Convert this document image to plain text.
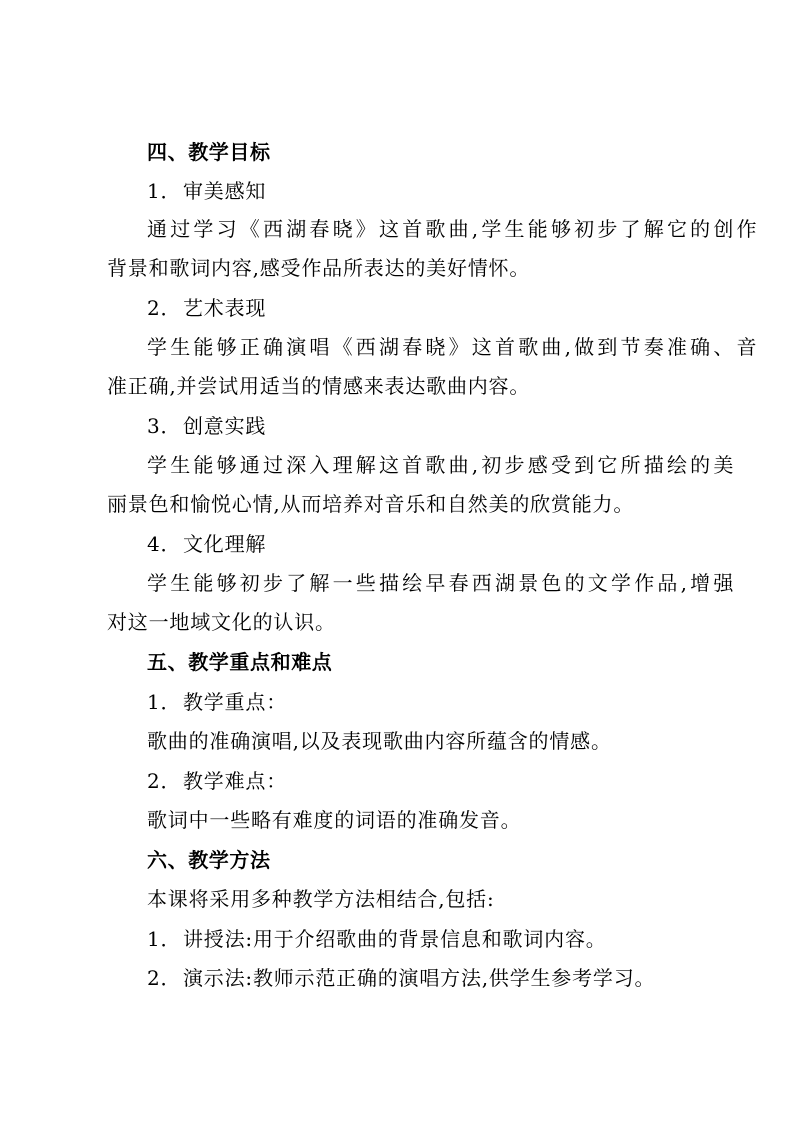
四、教学目标
1．审美感知
通过学习《西湖春晓》这首歌曲,学生能够初步了解它的创作
背景和歌词内容,感受作品所表达的美好情怀。
2．艺术表现
学生能够正确演唱《西湖春晓》这首歌曲,做到节奏准确、音
准正确,并尝试用适当的情感来表达歌曲内容。
3．创意实践
学生能够通过深入理解这首歌曲,初步感受到它所描绘的美
丽景色和愉悦心情,从而培养对音乐和自然美的欣赏能力。
4．文化理解
学生能够初步了解一些描绘早春西湖景色的文学作品,增强
对这一地域文化的认识。
五、教学重点和难点
1．教学重点：
歌曲的准确演唱,以及表现歌曲内容所蕴含的情感。
2．教学难点：
歌词中一些略有难度的词语的准确发音。
六、教学方法
本课将采用多种教学方法相结合,包括:
1．讲授法:用于介绍歌曲的背景信息和歌词内容。
2．演示法:教师示范正确的演唱方法,供学生参考学习。
